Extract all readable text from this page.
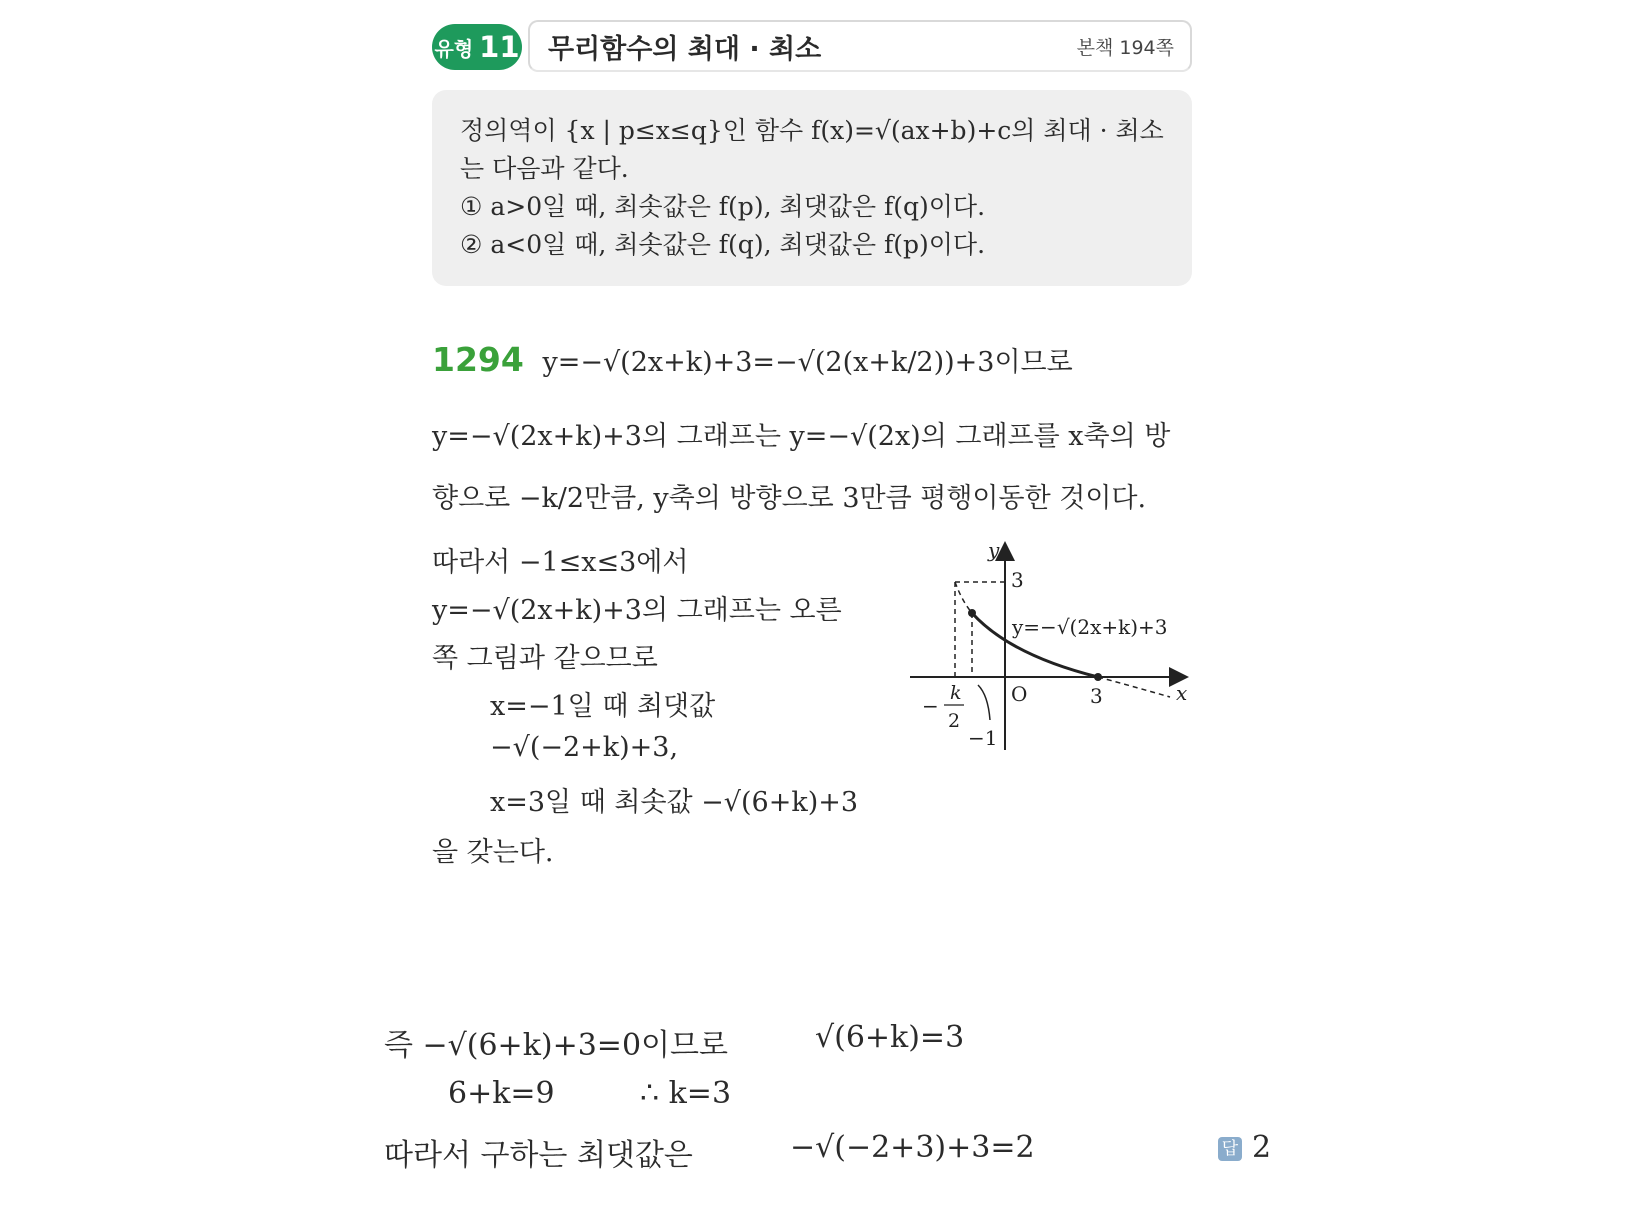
유형 11 무리함수의 최대 · 최소	본책 194쪽
정의역이 {x | p≤x≤q}인 함수 f(x)=√(ax+b)+c의 최대 · 최소
는 다음과 같다.
① a>0일 때, 최솟값은 f(p), 최댓값은 f(q)이다.
② a<0일 때, 최솟값은 f(q), 최댓값은 f(p)이다.
1294 y=−√(2x+k)+3=−√(2(x+k/2))+3이므로
y=−√(2x+k)+3의 그래프는 y=−√(2x)의 그래프를 x축의 방
향으로 −k/2만큼, y축의 방향으로 3만큼 평행이동한 것이다.
따라서 −1≤x≤3에서
y=−√(2x+k)+3의 그래프는 오른
쪽 그림과 같으므로
x=−1일 때 최댓값
−√(−2+k)+3,
x=3일 때 최솟값 −√(6+k)+3
을 갖는다.
y
x
3
O	3
−1
−
k
2
y=−√(2x+k)+3
즉 −√(6+k)+3=0이므로	√(6+k)=3
6+k=9	∴ k=3
따라서 구하는 최댓값은	−√(−2+3)+3=2	답 2
